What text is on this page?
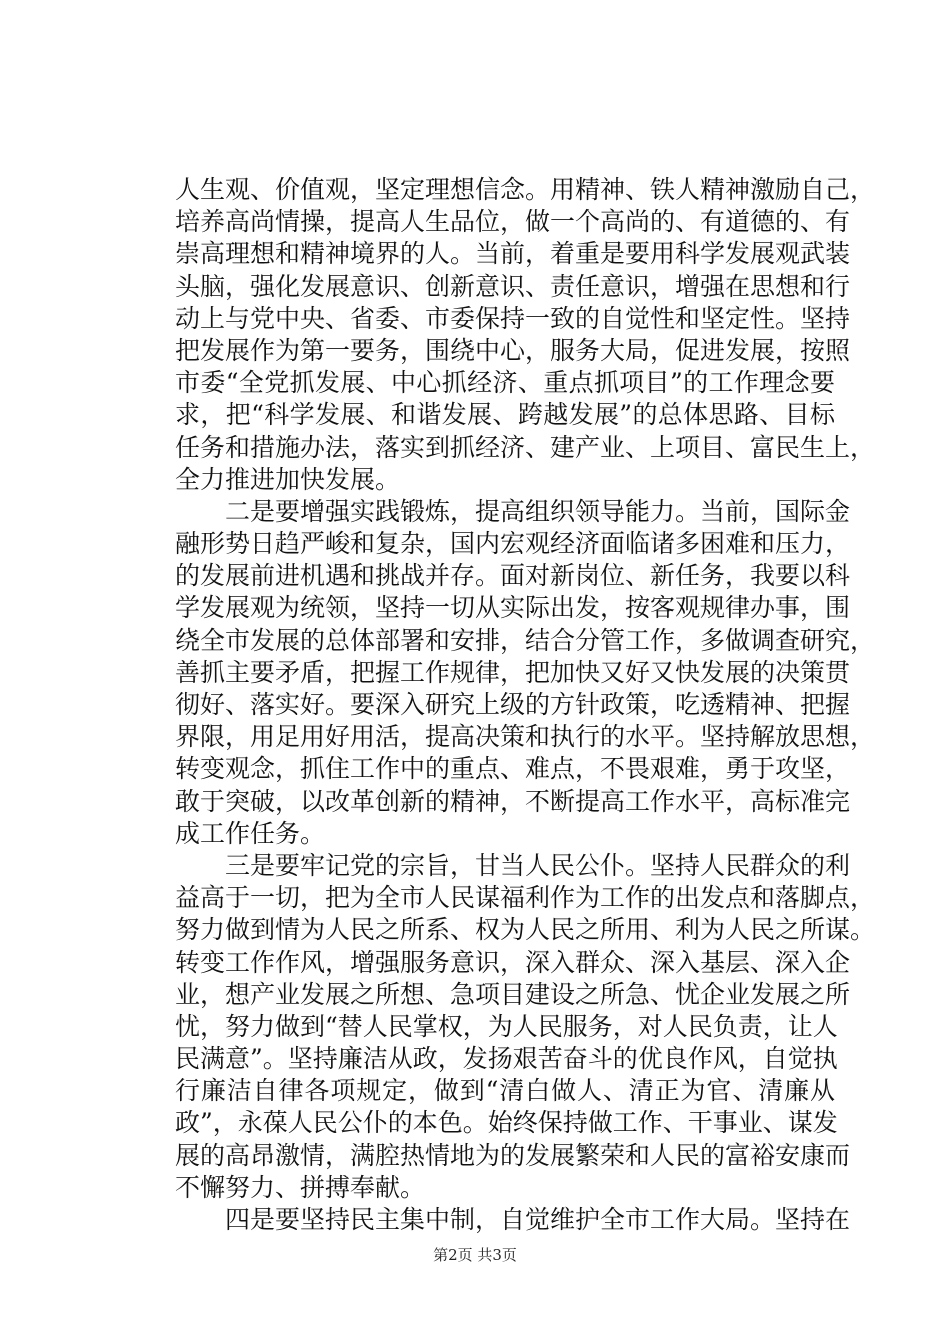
人生观、价值观，坚定理想信念。用精神、铁人精神激励自己，
培养高尚情操，提高人生品位，做一个高尚的、有道德的、有
崇高理想和精神境界的人。当前，着重是要用科学发展观武装
头脑，强化发展意识、创新意识、责任意识，增强在思想和行
动上与党中央、省委、市委保持一致的自觉性和坚定性。坚持
把发展作为第一要务，围绕中心，服务大局，促进发展，按照
市委“全党抓发展、中心抓经济、重点抓项目”的工作理念要
求，把“科学发展、和谐发展、跨越发展”的总体思路、目标
任务和措施办法，落实到抓经济、建产业、上项目、富民生上，
全力推进加快发展。
二是要增强实践锻炼，提高组织领导能力。当前，国际金
融形势日趋严峻和复杂，国内宏观经济面临诸多困难和压力，
的发展前进机遇和挑战并存。面对新岗位、新任务，我要以科
学发展观为统领，坚持一切从实际出发，按客观规律办事，围
绕全市发展的总体部署和安排，结合分管工作，多做调查研究，
善抓主要矛盾，把握工作规律，把加快又好又快发展的决策贯
彻好、落实好。要深入研究上级的方针政策，吃透精神、把握
界限，用足用好用活，提高决策和执行的水平。坚持解放思想，
转变观念，抓住工作中的重点、难点，不畏艰难，勇于攻坚，
敢于突破，以改革创新的精神，不断提高工作水平，高标准完
成工作任务。
三是要牢记党的宗旨，甘当人民公仆。坚持人民群众的利
益高于一切，把为全市人民谋福利作为工作的出发点和落脚点，
努力做到情为人民之所系、权为人民之所用、利为人民之所谋。
转变工作作风，增强服务意识，深入群众、深入基层、深入企
业，想产业发展之所想、急项目建设之所急、忧企业发展之所
忧，努力做到“替人民掌权，为人民服务，对人民负责，让人
民满意”。坚持廉洁从政，发扬艰苦奋斗的优良作风，自觉执
行廉洁自律各项规定，做到“清白做人、清正为官、清廉从
政”，永葆人民公仆的本色。始终保持做工作、干事业、谋发
展的高昂激情，满腔热情地为的发展繁荣和人民的富裕安康而
不懈努力、拼搏奉献。
四是要坚持民主集中制，自觉维护全市工作大局。坚持在
第2页 共3页
